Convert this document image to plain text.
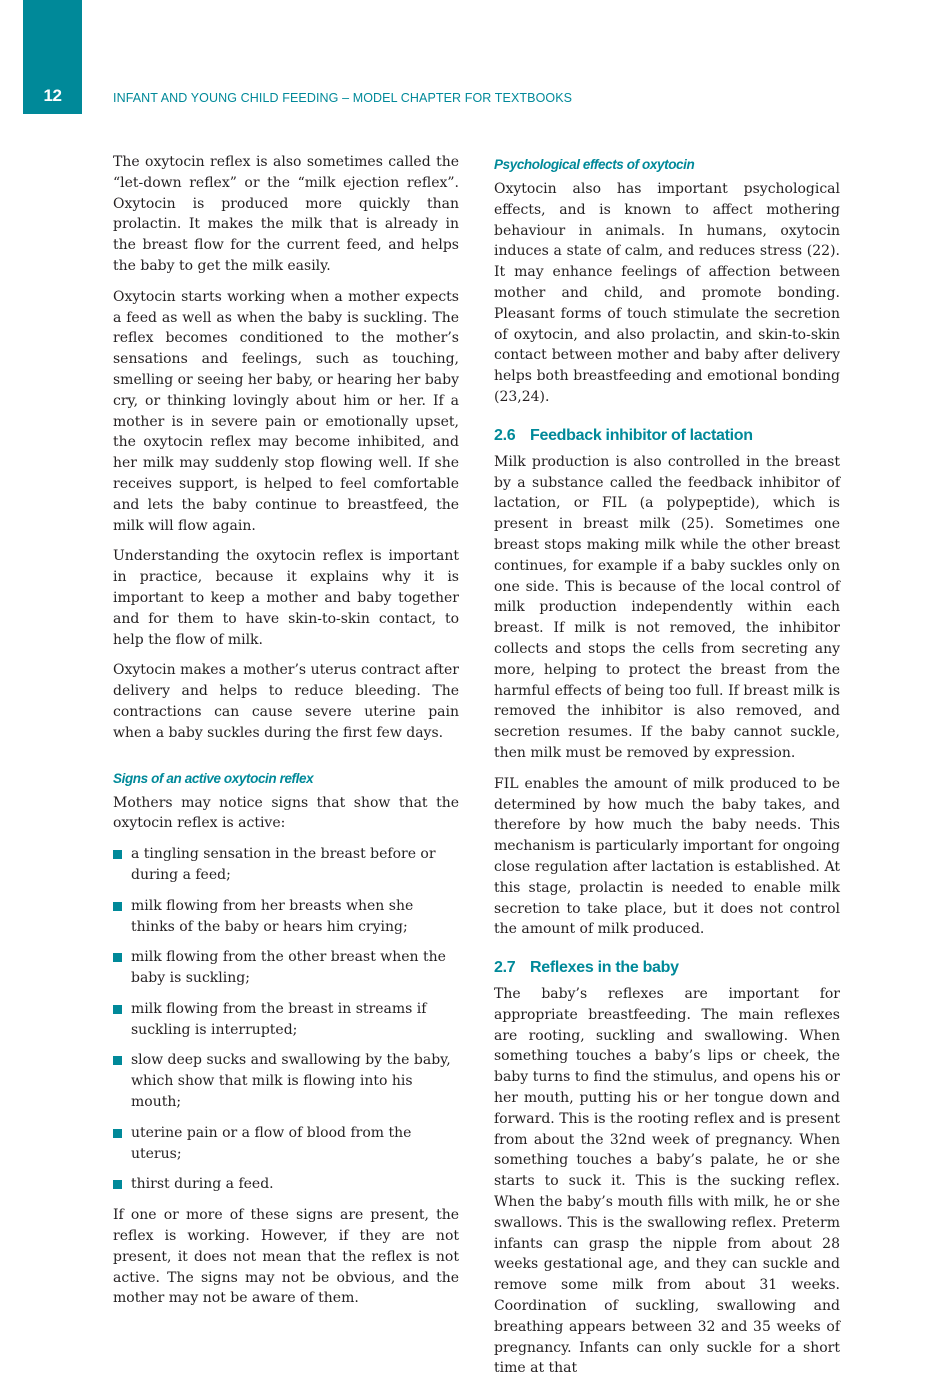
12	INFANT AND YOUNG CHILD FEEDING – MODEL CHAPTER FOR TEXTBOOKS

The oxytocin reflex is also sometimes called the “let-down reflex” or the “milk ejection reflex”. Oxytocin is produced more quickly than prolactin. It makes the milk that is already in the breast flow for the current feed, and helps the baby to get the milk easily.

Oxytocin starts working when a mother expects a feed as well as when the baby is suckling. The reflex becomes conditioned to the mother’s sensations and feelings, such as touching, smelling or seeing her baby, or hearing her baby cry, or thinking lovingly about him or her. If a mother is in severe pain or emotionally upset, the oxytocin reflex may become inhibited, and her milk may suddenly stop flowing well. If she receives support, is helped to feel comfortable and lets the baby continue to breastfeed, the milk will flow again.

Understanding the oxytocin reflex is important in practice, because it explains why it is important to keep a mother and baby together and for them to have skin-to-skin contact, to help the flow of milk.

Oxytocin makes a mother’s uterus contract after delivery and helps to reduce bleeding. The contractions can cause severe uterine pain when a baby suckles during the first few days.

Signs of an active oxytocin reflex

Mothers may notice signs that show that the oxytocin reflex is active:

a tingling sensation in the breast before or during a feed;
milk flowing from her breasts when she thinks of the baby or hears him crying;
milk flowing from the other breast when the baby is suckling;
milk flowing from the breast in streams if suckling is interrupted;
slow deep sucks and swallowing by the baby, which show that milk is flowing into his mouth;
uterine pain or a flow of blood from the uterus;
thirst during a feed.

If one or more of these signs are present, the reflex is working. However, if they are not present, it does not mean that the reflex is not active. The signs may not be obvious, and the mother may not be aware of them.

Psychological effects of oxytocin

Oxytocin also has important psychological effects, and is known to affect mothering behaviour in animals. In humans, oxytocin induces a state of calm, and reduces stress (22). It may enhance feelings of affection between mother and child, and promote bonding. Pleasant forms of touch stimulate the secretion of oxytocin, and also prolactin, and skin-to-skin contact between mother and baby after delivery helps both breastfeeding and emotional bonding (23,24).

2.6 Feedback inhibitor of lactation

Milk production is also controlled in the breast by a substance called the feedback inhibitor of lactation, or FIL (a polypeptide), which is present in breast milk (25). Sometimes one breast stops making milk while the other breast continues, for example if a baby suckles only on one side. This is because of the local control of milk production independently within each breast. If milk is not removed, the inhibitor collects and stops the cells from secreting any more, helping to protect the breast from the harmful effects of being too full. If breast milk is removed the inhibitor is also removed, and secretion resumes. If the baby cannot suckle, then milk must be removed by expression.

FIL enables the amount of milk produced to be determined by how much the baby takes, and therefore by how much the baby needs. This mechanism is particularly important for ongoing close regulation after lactation is established. At this stage, prolactin is needed to enable milk secretion to take place, but it does not control the amount of milk produced.

2.7 Reflexes in the baby

The baby’s reflexes are important for appropriate breastfeeding. The main reflexes are rooting, suckling and swallowing. When something touches a baby’s lips or cheek, the baby turns to find the stimulus, and opens his or her mouth, putting his or her tongue down and forward. This is the rooting reflex and is present from about the 32nd week of pregnancy. When something touches a baby’s palate, he or she starts to suck it. This is the sucking reflex. When the baby’s mouth fills with milk, he or she swallows. This is the swallowing reflex. Preterm infants can grasp the nipple from about 28 weeks gestational age, and they can suckle and remove some milk from about 31 weeks. Coordination of suckling, swallowing and breathing appears between 32 and 35 weeks of pregnancy. Infants can only suckle for a short time at that
